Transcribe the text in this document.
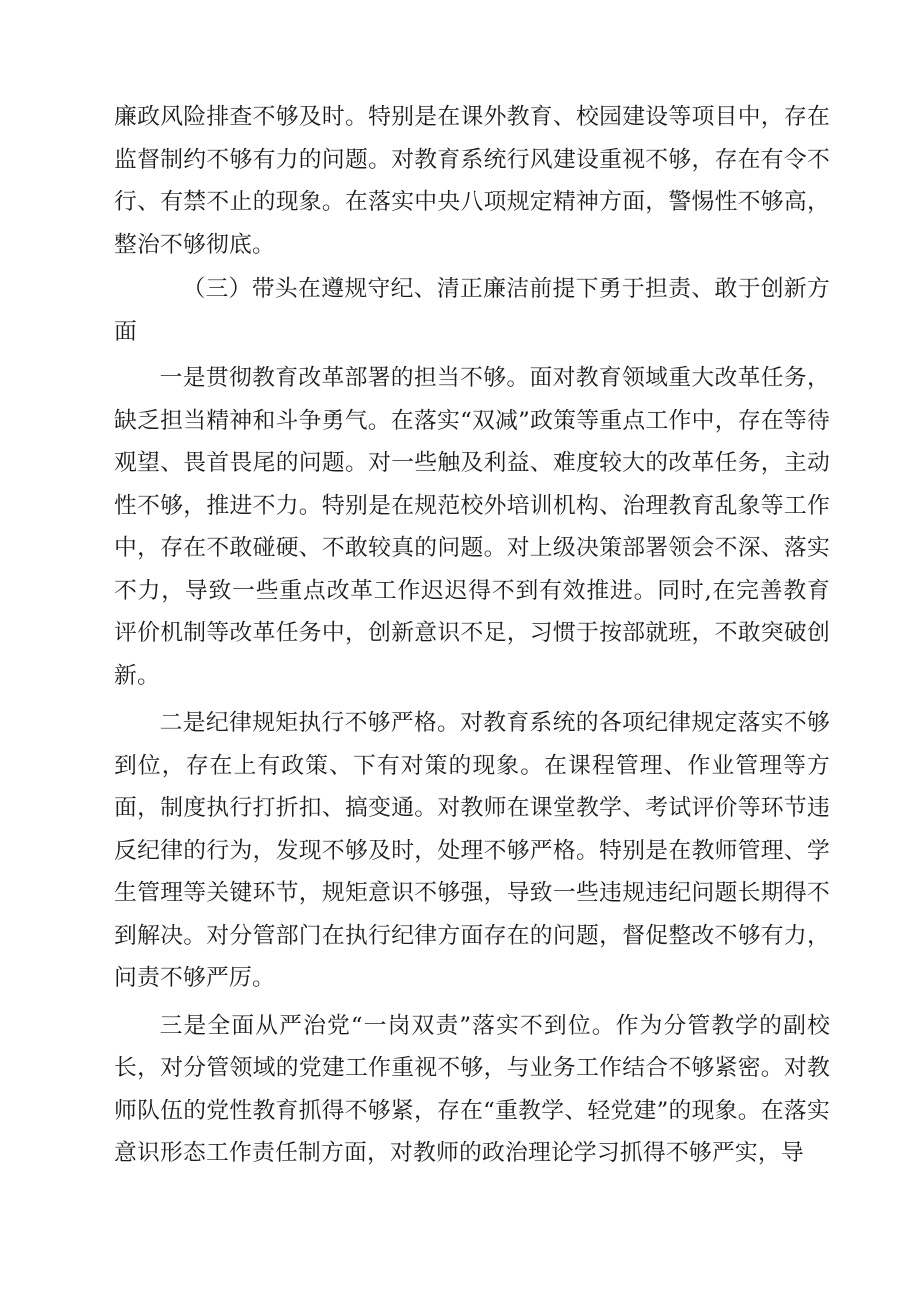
廉政风险排查不够及时。特别是在课外教育、校园建设等项目中，存在监督制约不够有力的问题。对教育系统行风建设重视不够，存在有令不行、有禁不止的现象。在落实中央八项规定精神方面，警惕性不够高，整治不够彻底。

（三）带头在遵规守纪、清正廉洁前提下勇于担责、敢于创新方面

一是贯彻教育改革部署的担当不够。面对教育领域重大改革任务，缺乏担当精神和斗争勇气。在落实“双减”政策等重点工作中，存在等待观望、畏首畏尾的问题。对一些触及利益、难度较大的改革任务，主动性不够，推进不力。特别是在规范校外培训机构、治理教育乱象等工作中，存在不敢碰硬、不敢较真的问题。对上级决策部署领会不深、落实不力，导致一些重点改革工作迟迟得不到有效推进。同时,在完善教育评价机制等改革任务中，创新意识不足，习惯于按部就班，不敢突破创新。

二是纪律规矩执行不够严格。对教育系统的各项纪律规定落实不够到位，存在上有政策、下有对策的现象。在课程管理、作业管理等方面，制度执行打折扣、搞变通。对教师在课堂教学、考试评价等环节违反纪律的行为，发现不够及时，处理不够严格。特别是在教师管理、学生管理等关键环节，规矩意识不够强，导致一些违规违纪问题长期得不到解决。对分管部门在执行纪律方面存在的问题，督促整改不够有力，问责不够严厉。

三是全面从严治党“一岗双责”落实不到位。作为分管教学的副校长，对分管领域的党建工作重视不够，与业务工作结合不够紧密。对教师队伍的党性教育抓得不够紧，存在“重教学、轻党建”的现象。在落实意识形态工作责任制方面，对教师的政治理论学习抓得不够严实，导
